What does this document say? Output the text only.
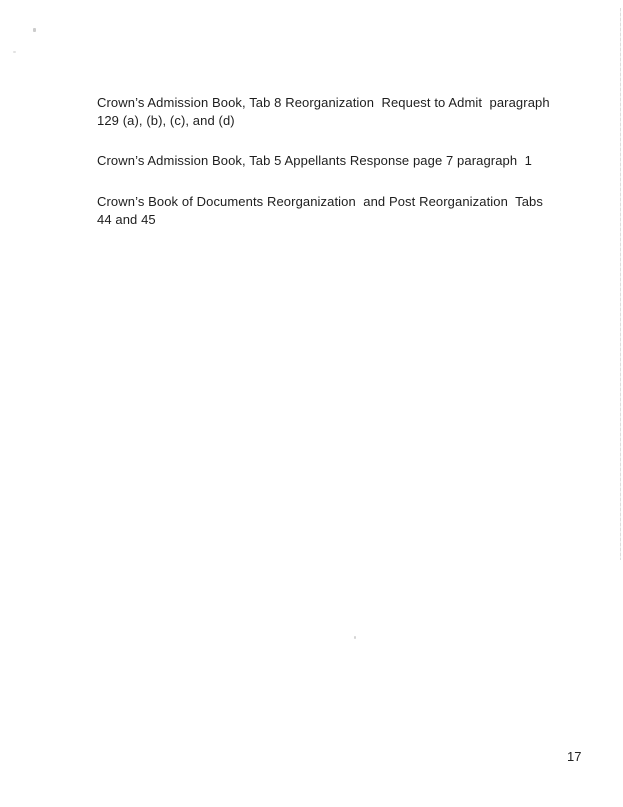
Crown’s Admission Book, Tab 8 Reorganization  Request to Admit  paragraph
129 (a), (b), (c), and (d)

Crown’s Admission Book, Tab 5 Appellants Response page 7 paragraph  1

Crown’s Book of Documents Reorganization  and Post Reorganization  Tabs
44 and 45

17
